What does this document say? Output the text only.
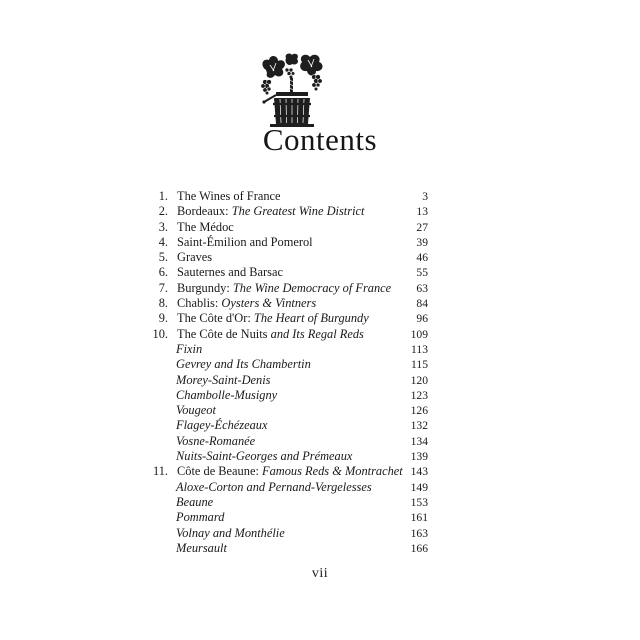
Contents
1. The Wines of France	3
2. Bordeaux: The Greatest Wine District	13
3. The Médoc	27
4. Saint-Émilion and Pomerol	39
5. Graves	46
6. Sauternes and Barsac	55
7. Burgundy: The Wine Democracy of France 63
8. Chablis: Oysters & Vintners	84
9. The Côte d'Or: The Heart of Burgundy	96
10. The Côte de Nuits and Its Regal Reds	109
Fixin	113
Gevrey and Its Chambertin	115
Morey-Saint-Denis	120
Chambolle-Musigny	123
Vougeot	126
Flagey-Échézeaux	132
Vosne-Romanée	134
Nuits-Saint-Georges and Prémeaux	139
11. Côte de Beaune: Famous Reds & Montrachet 143
Aloxe-Corton and Pernand-Vergelesses	149
Beaune	153
Pommard	161
Volnay and Monthélie	163
Meursault	166
vii
